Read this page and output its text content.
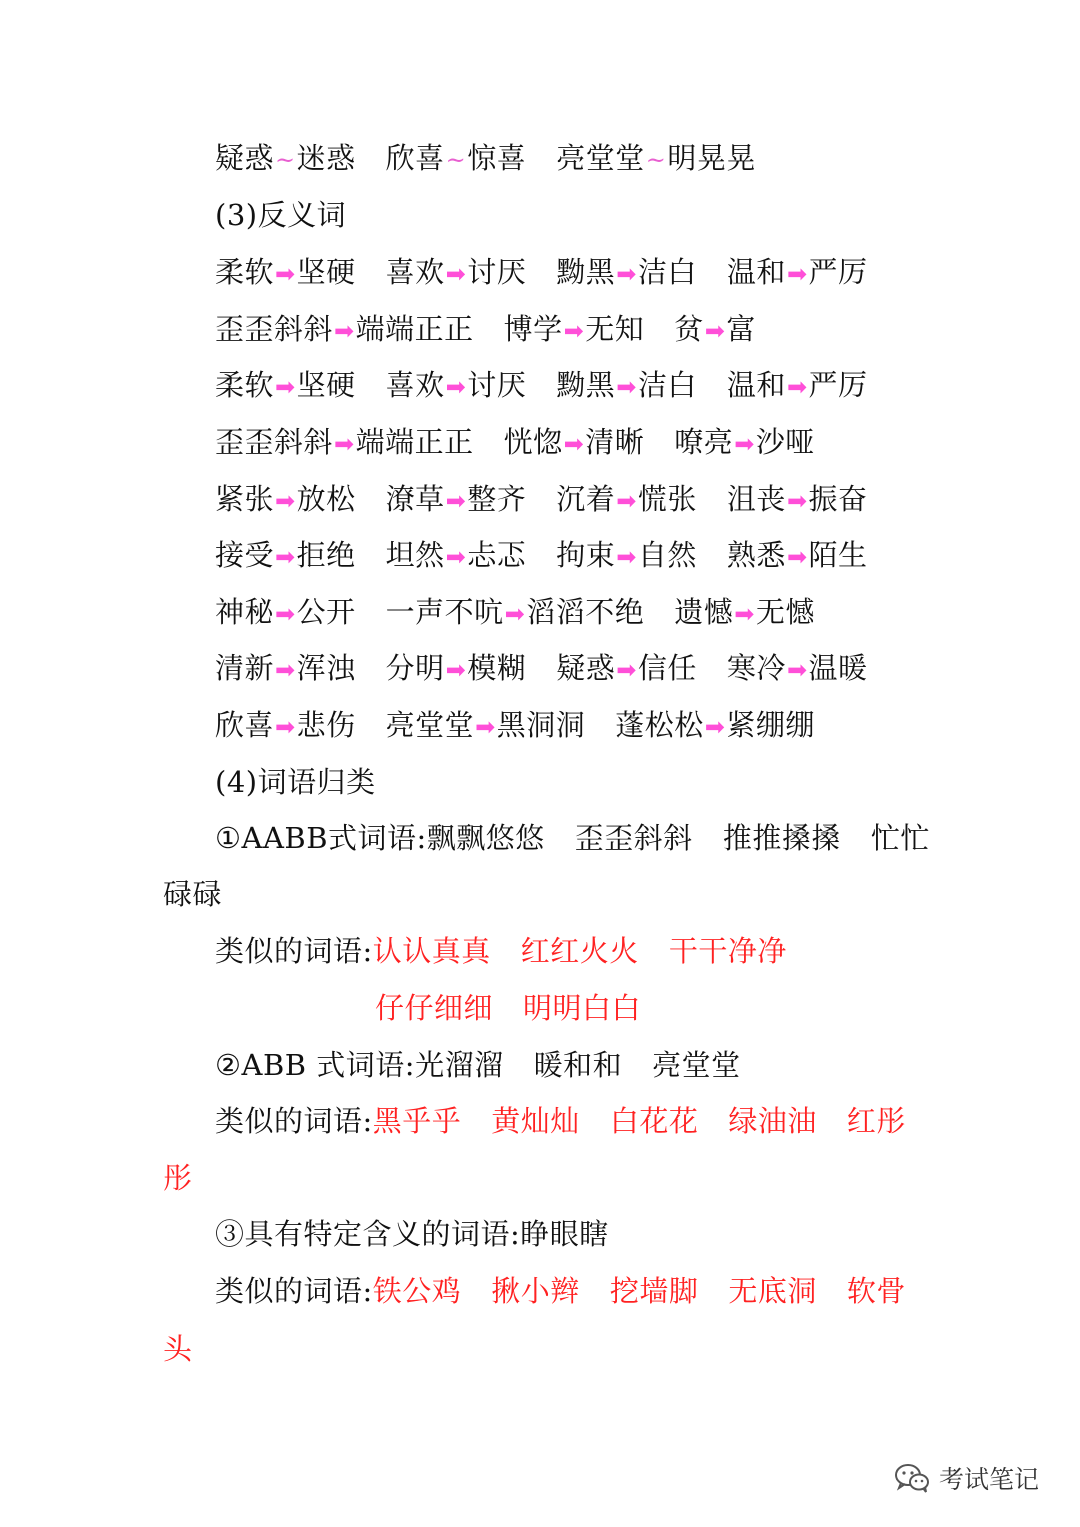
疑惑~迷惑 欣喜~惊喜 亮堂堂~明晃晃
(3)反义词
柔软➡坚硬 喜欢➡讨厌 黝黑➡洁白 温和➡严厉
歪歪斜斜➡端端正正 博学➡无知 贫➡富
柔软➡坚硬 喜欢➡讨厌 黝黑➡洁白 温和➡严厉
歪歪斜斜➡端端正正 恍惚➡清晰 嘹亮➡沙哑
紧张➡放松 潦草➡整齐 沉着➡慌张 沮丧➡振奋
接受➡拒绝 坦然➡忐忑 拘束➡自然 熟悉➡陌生
神秘➡公开 一声不吭➡滔滔不绝 遗憾➡无憾
清新➡浑浊 分明➡模糊 疑惑➡信任 寒冷➡温暖
欣喜➡悲伤 亮堂堂➡黑洞洞 蓬松松➡紧绷绷
(4)词语归类
①AABB式词语:飘飘悠悠 歪歪斜斜 推推搡搡 忙忙
碌碌
类似的词语:认认真真 红红火火 干干净净
仔仔细细 明明白白
②ABB 式词语:光溜溜 暖和和 亮堂堂
类似的词语:黑乎乎 黄灿灿 白花花 绿油油 红彤
彤
③具有特定含义的词语:睁眼瞎
类似的词语:铁公鸡 揪小辫 挖墙脚 无底洞 软骨
头
考试笔记
